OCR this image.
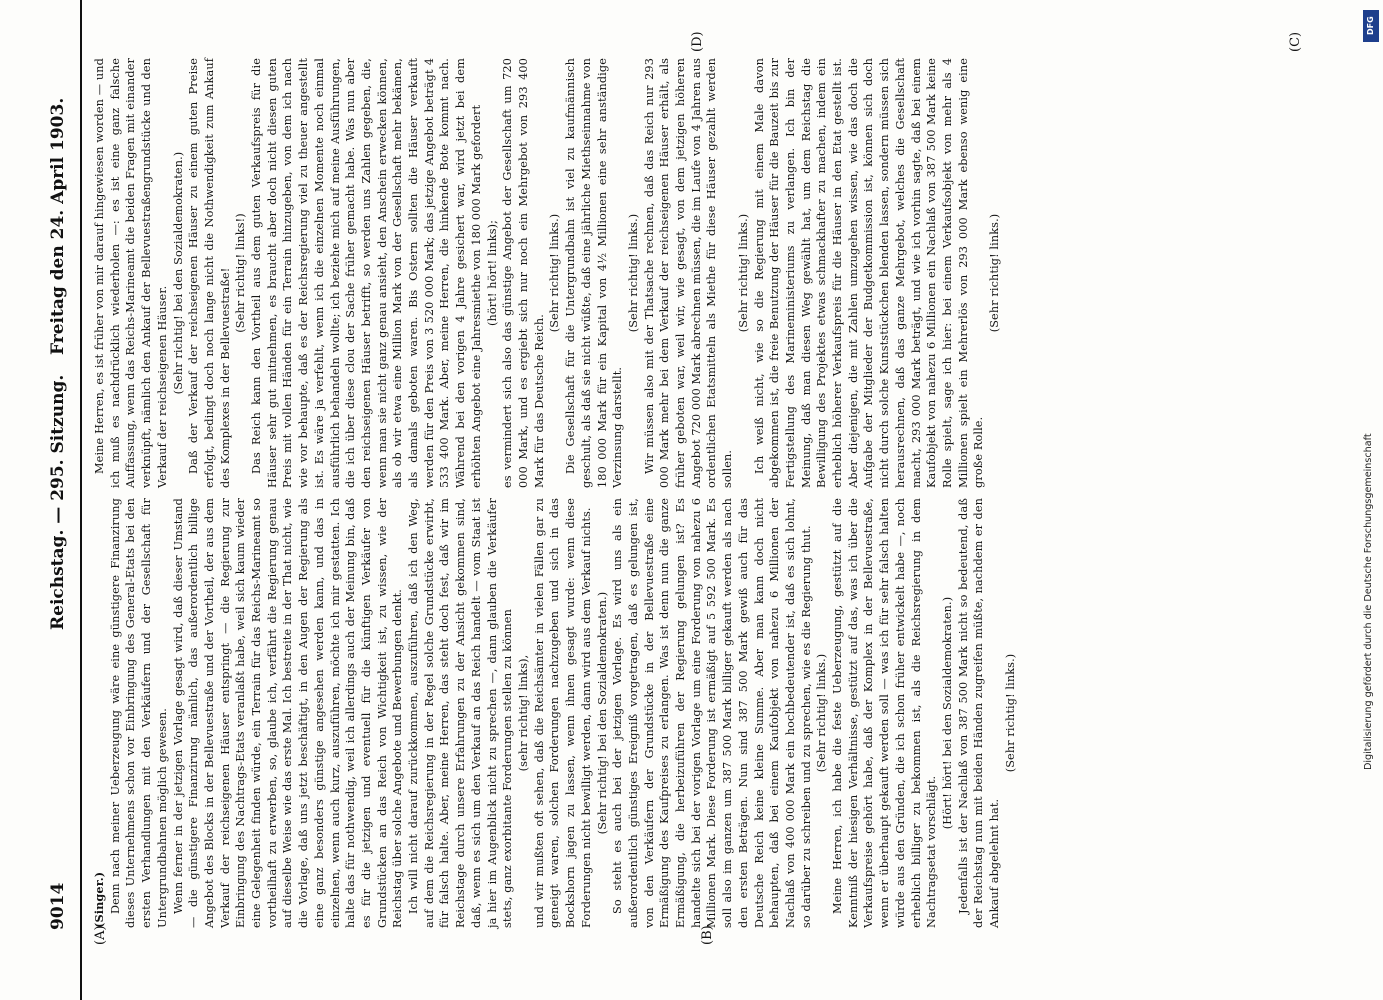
9014
Reichstag. — 295. Sitzung.
Freitag den 24. April 1903.
(A)	(B)

(Singer.) Denn nach meiner Ueberzeugung wäre eine günstigere Finanzirung dieses Unternehmens schon vor Einbringung des General-Etats bei den ersten Verhandlungen mit den Verkäufern und der Gesellschaft für Untergrundbahnen möglich gewesen. Wenn ferner in der jetzigen Vorlage gesagt wird, daß dieser Umstand — die günstigere Finanzirung nämlich, das außerordentlich billige Angebot des Blocks in der Bellevuestraße und der Vortheil, der aus dem Verkauf der reichseigenen Häuser entspringt — die Regierung zur Einbringung des Nachtrags-Etats veranlaßt habe, weil sich kaum wieder eine Gelegenheit finden würde, ein Terrain für das Reichs-Marineamt so vortheilhaft zu erwerben, so, glaube ich, verfährt die Regierung genau auf dieselbe Weise wie das erste Mal. Ich bestreite in der That nicht, wie die Vorlage, daß uns jetzt beschäftigt, in den Augen der Regierung als eine ganz besonders günstige angesehen werden kann, und das in einzelnen, wenn auch kurz, auszuführen, möchte ich mir gestatten. Ich halte das für nothwendig, weil ich allerdings auch der Meinung bin, daß es für die jetzigen und eventuell für die künftigen Verkäufer von Grundstücken an das Reich von Wichtigkeit ist, zu wissen, wie der Reichstag über solche Angebote und Bewerbungen denkt. Ich will nicht darauf zurückkommen, auszuführen, daß ich den Weg, auf dem die Reichsregierung in der Regel solche Grundstücke erwirbt, für falsch halte. Aber, meine Herren, das steht doch fest, daß wir im Reichstage durch unsere Erfahrungen zu der Ansicht gekommen sind, daß, wenn es sich um den Verkauf an das Reich handelt — vom Staat ist ja hier im Augenblick nicht zu sprechen —, dann glauben die Verkäufer stets, ganz exorbitante Forderungen stellen zu können (sehr richtig! links), und wir mußten oft sehen, daß die Reichsämter in vielen Fällen gar zu geneigt waren, solchen Forderungen nachzugeben und sich in das Bockshorn jagen zu lassen, wenn ihnen gesagt wurde: wenn diese Forderungen nicht bewilligt werden, dann wird aus dem Verkauf nichts. (Sehr richtig! bei den Sozialdemokraten.) So steht es auch bei der jetzigen Vorlage. Es wird uns als ein außerordentlich günstiges Ereigniß vorgetragen, daß es gelungen ist, von den Verkäufern der Grundstücke in der Bellevuestraße eine Ermäßigung des Kaufpreises zu erlangen. Was ist denn nun die ganze Ermäßigung, die herbeizuführen der Regierung gelungen ist? Es handelte sich bei der vorigen Vorlage um eine Forderung von nahezu 6 Millionen Mark. Diese Forderung ist ermäßigt auf 5 592 500 Mark. Es soll also im ganzen um 387 500 Mark billiger gekauft werden als nach den ersten Beträgen. Nun sind 387 500 Mark gewiß auch für das Deutsche Reich keine kleine Summe. Aber man kann doch nicht behaupten, daß bei einem Kaufobjekt von nahezu 6 Millionen der Nachlaß von 400 000 Mark ein hochbedeutender ist, daß es sich lohnt, so darüber zu schreiben und zu sprechen, wie es die Regierung thut. (Sehr richtig! links.) Meine Herren, ich habe die feste Ueberzeugung, gestützt auf die Kenntniß der hiesigen Verhältnisse, gestützt auf das, was ich über die Verkaufspreise gehört habe, daß der Komplex in der Bellevuestraße, wenn er überhaupt gekauft werden soll — was ich für sehr falsch halten würde aus den Gründen, die ich schon früher entwickelt habe —, noch erheblich billiger zu bekommen ist, als die Reichsregierung in dem Nachtragsetat vorschlägt.

(Hört! hört! bei den Sozialdemokraten.) Jedenfalls ist der Nachlaß von 387 500 Mark nicht so bedeutend, daß der Reichstag nun mit beiden Händen zugreifen müßte, nachdem er den Ankauf abgelehnt hat.

(Sehr richtig! links.)

Meine Herren, es ist früher von mir darauf hingewiesen worden — und ich muß es nachdrücklich wiederholen —: es ist eine ganz falsche Auffassung, wenn das Reichs-Marineamt die beiden Fragen mit einander verknüpft, nämlich den Ankauf der Bellevuestraßengrundstücke und den Verkauf der reichseigenen Häuser. (Sehr richtig! bei den Sozialdemokraten.) Daß der Verkauf der reichseigenen Häuser zu einem guten Preise erfolgt, bedingt doch noch lange nicht die Nothwendigkeit zum Ankauf des Komplexes in der Bellevuestraße! (Sehr richtig! links!) Das Reich kann den Vortheil aus dem guten Verkaufspreis für die Häuser sehr gut mitnehmen, es braucht aber doch nicht diesen guten Preis mit vollen Händen für ein Terrain hinzugeben, von dem ich nach wie vor behaupte, daß es der Reichsregierung viel zu theuer angestellt ist. Es wäre ja verfehlt, wenn ich die einzelnen Momente noch einmal ausführlich behandeln wollte; ich beziehe mich auf meine Ausführungen, die ich über diese clou der Sache früher gemacht habe. Was nun aber den reichseigenen Häuser betrifft, so werden uns Zahlen gegeben, die, wenn man sie nicht ganz genau ansieht, den Anschein erwecken können, als ob wir etwa eine Million Mark von der Gesellschaft mehr bekämen, als damals geboten waren. Bis Ostern sollten die Häuser verkauft werden für den Preis von 3 520 000 Mark; das jetzige Angebot beträgt 4 533 400 Mark. Aber, meine Herren, die hinkende Bote kommt nach. Während bei den vorigen 4 Jahre gesichert war, wird jetzt bei dem erhöhten Angebot eine Jahresmiethe von 180 000 Mark gefordert (hört! hört! links); es vermindert sich also das günstige Angebot der Gesellschaft um 720 000 Mark, und es ergiebt sich nur noch ein Mehrgebot von 293 400 Mark für das Deutsche Reich.

(Sehr richtig! links.) Die Gesellschaft für die Untergrundbahn ist viel zu kaufmännisch geschult, als daß sie nicht wüßte, daß eine jährliche Miethseinnahme von 180 000 Mark für ein Kapital von 4½ Millionen eine sehr anständige Verzinsung darstellt.

(Sehr richtig! links.) Wir müssen also mit der Thatsache rechnen, daß das Reich nur 293 000 Mark mehr bei dem Verkauf der reichseigenen Häuser erhält, als früher geboten war, weil wir, wie gesagt, von dem jetzigen höheren Angebot 720 000 Mark abrechnen müssen, die im Laufe von 4 Jahren aus ordentlichen Etatsmitteln als Miethe für diese Häuser gezahlt werden sollen.

(Sehr richtig! links.) Ich weiß nicht, wie so die Regierung mit einem Male davon abgekommen ist, die freie Benutzung der Häuser für die Bauzeit bis zur Fertigstellung des Marineministeriums zu verlangen. Ich bin der Meinung, daß man diesen Weg gewählt hat, um dem Reichstag die Bewilligung des Projektes etwas schmackhafter zu machen, indem ein erheblich höherer Verkaufspreis für die Häuser in den Etat gestellt ist. Aber diejenigen, die mit Zahlen umzugehen wissen, wie das doch die Aufgabe der Mitglieder der Budgetkommission ist, können sich doch nicht durch solche Kunststückchen blenden lassen, sondern müssen sich herausrechnen, daß das ganze Mehrgebot, welches die Gesellschaft macht, 293 000 Mark beträgt, und wie ich vorhin sagte, daß bei einem Kaufobjekt von nahezu 6 Millionen ein Nachlaß von 387 500 Mark keine Rolle spielt, sage ich hier: bei einem Verkaufsobjekt von mehr als 4 Millionen spielt ein Mehrerlös von 293 000 Mark ebenso wenig eine große Rolle.

(Sehr richtig! links.)

(C)
(D)
DFG
Digitalisierung gefördert durch die Deutsche Forschungsgemeinschaft
